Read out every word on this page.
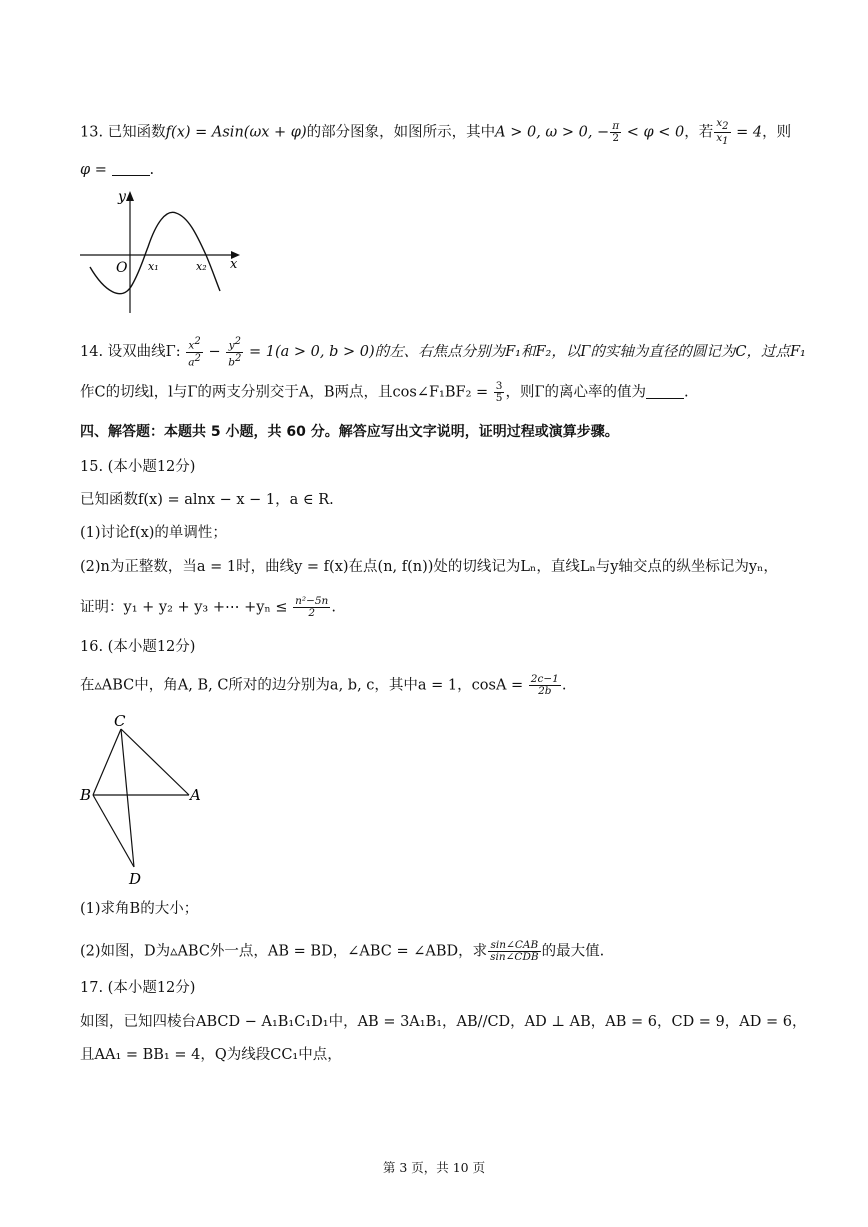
13. 已知函数f(x) = Asin(ωx + φ)的部分图象，如图所示，其中A > 0, ω > 0, − $\frac{\pi}{2} < \varphi < 0$，若 $\frac{x_2}{x_1} = 4$，则
φ =	.
y
O x₁	x₂ x
14. 设双曲线Γ: $\frac{x^2}{a^2} - \frac{y^2}{b^2} = 1(a > 0$, b > 0)的左、右焦点分别为F₁和F₂，以Γ的实轴为直径的圆记为C，过点F₁
作C的切线l，l与Γ的两支分别交于A，B两点，且cos∠F₁BF₂ = $\frac{3}{5}$ ，则Γ的离心率的值为	.
四、解答题：本题共 5 小题，共 60 分。解答应写出文字说明，证明过程或演算步骤。
15. (本小题12分)
已知函数f(x) = alnx − x − 1，a ∈ R.
(1)讨论f(x)的单调性；
(2)n为正整数，当a = 1时，曲线y = f(x)在点(n, f(n))处的切线记为Lₙ，直线Lₙ与y轴交点的纵坐标记为yₙ，
证明：y₁ + y₂ + y₃ +⋯ $+y_n \le \frac{\text{n²−5n}}{2}$ .
16. (本小题12分)
在▵ABC中，角A, B, C所对的边分别为a, b, c，其中a = 1，$\cos A = \frac{2c-1}{2b}$ .
C
B	A
D
(1)求角B的大小；
(2)如图，D为▵ABC外一点，AB = BD，∠ABC = ∠ABD，求 $\frac{\text{sin∠CAB}}{\text{sin∠CDB}}$ 的最大值.
17. (本小题12分)
如图，已知四棱台ABCD − A₁B₁C₁D₁中，AB = 3A₁B₁，AB//CD，AD ⊥ AB，AB = 6，CD = 9，AD = 6，
且AA₁ = BB₁ = 4，Q为线段CC₁中点，
第 3 页，共 10 页
